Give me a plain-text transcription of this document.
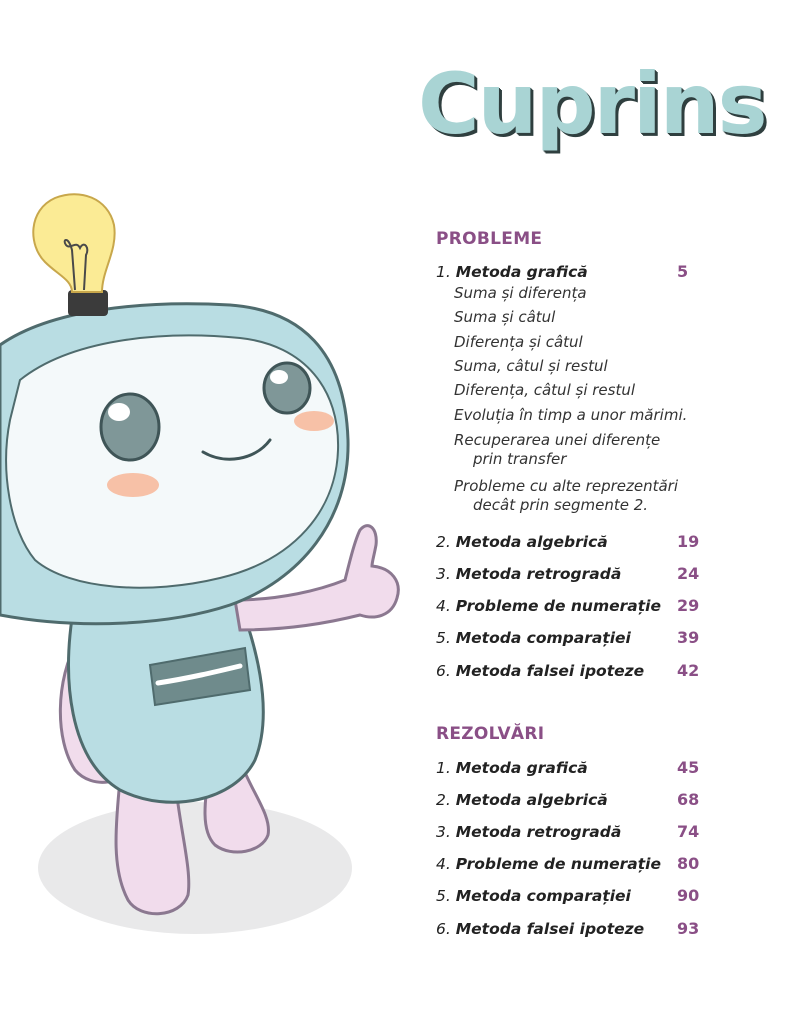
Cuprins
PROBLEME
1. Metoda grafică	5
Suma și diferența
Suma și câtul
Diferența și câtul
Suma, câtul și restul
Diferența, câtul și restul
Evoluția în timp a unor mărimi.
Recuperarea unei diferențe
prin transfer
Probleme cu alte reprezentări
decât prin segmente 2.
2. Metoda algebrică	19
3. Metoda retrogradă	24
4. Probleme de numerație 29
5. Metoda comparației	39
6. Metoda falsei ipoteze 42
REZOLVĂRI
1. Metoda grafică	45
2. Metoda algebrică	68
3. Metoda retrogradă	74
4. Probleme de numerație 80
5. Metoda comparației	90
6. Metoda falsei ipoteze 93
